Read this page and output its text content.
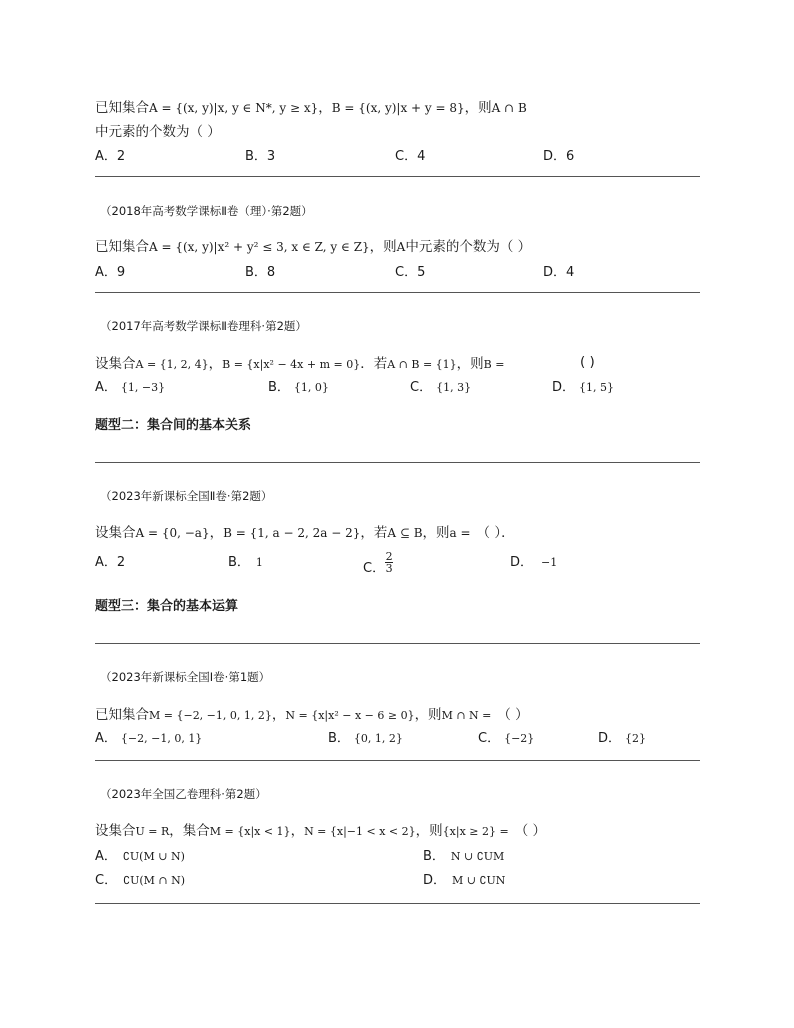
已知集合A = {(x, y)|x, y ∈ N*, y ≥ x}，B = {(x, y)|x + y = 8}，则A ∩ B
中元素的个数为（ ）
A．2	B．3	C．4	D．6
（2018年高考数学课标Ⅱ卷（理）·第2题）
已知集合A = {(x, y)|x² + y² ≤ 3, x ∈ Z, y ∈ Z}，则A中元素的个数为（ ）
A．9	B．8	C．5	D．4
（2017年高考数学课标Ⅱ卷理科·第2题）
设集合A = {1, 2, 4}，B = {x|x² − 4x + m = 0}．若A ∩ B = {1}，则B =	( )
A． {1, −3}	B． {1, 0}	C． {1, 3}	D． {1, 5}
题型二：集合间的基本关系
（2023年新课标全国Ⅱ卷·第2题）
设集合A = {0, −a}，B = {1, a − 2, 2a − 2}，若A ⊆ B，则a = （ ）．
A．2	B． 1	C． $\frac{2}{3}$	D． −1
题型三：集合的基本运算
（2023年新课标全国Ⅰ卷·第1题）
已知集合M = {−2, −1, 0, 1, 2}，N = {x|x² − x − 6 ≥ 0}，则M ∩ N = （ ）
A． {−2, −1, 0, 1}	B． {0, 1, 2}	C． {−2}	D． {2}
（2023年全国乙卷理科·第2题）
设集合U = R，集合M = {x|x < 1}，N = {x|−1 < x < 2}，则{x|x ≥ 2} = （ ）
A． ∁U(M ∪ N)	B． N ∪ ∁UM
C． ∁U(M ∩ N)	D． M ∪ ∁UN
